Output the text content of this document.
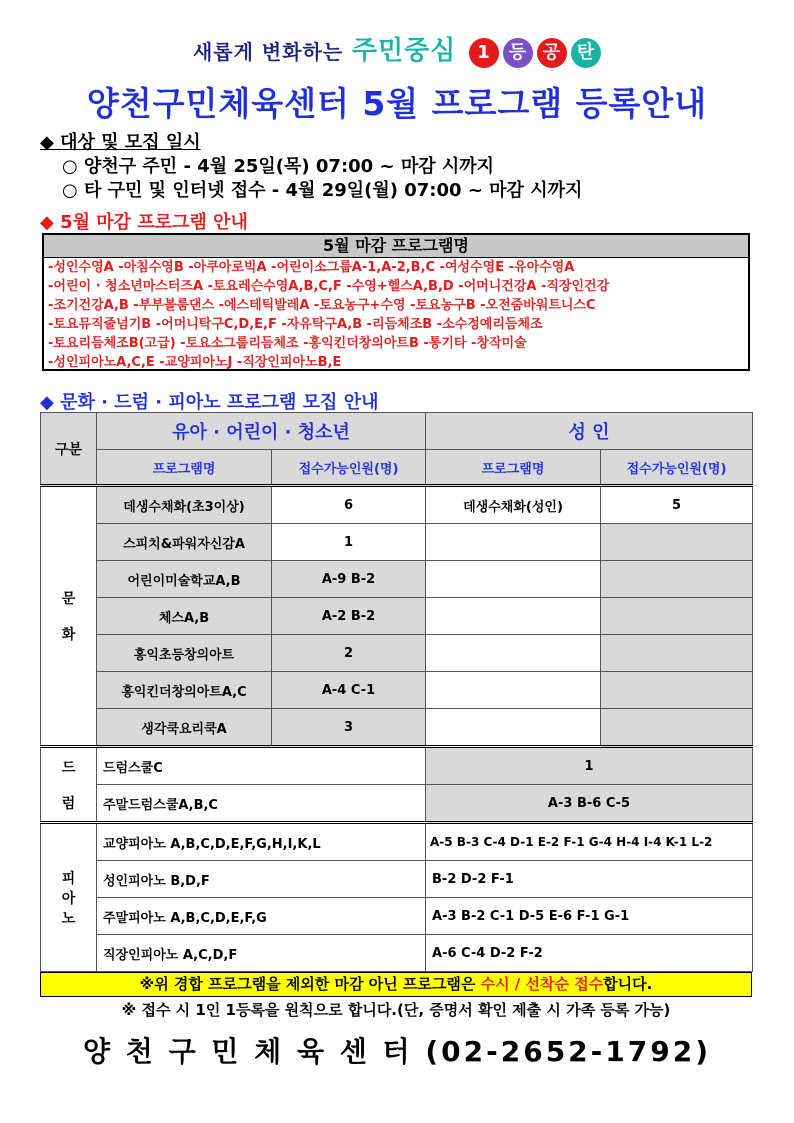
새롭게 변화하는 주민중심 1 등 공 탄
양천구민체육센터 5월 프로그램 등록안내
◆ 대상 및 모집 일시
○ 양천구 주민 - 4월 25일(목) 07:00 ~ 마감 시까지
○ 타 구민 및 인터넷 접수 - 4월 29일(월) 07:00 ~ 마감 시까지
◆ 5월 마감 프로그램 안내
5월 마감 프로그램명
-성인수영A -아침수영B -아쿠아로빅A -어린이소그룹A-1,A-2,B,C -여성수영E -유아수영A
-어린이 · 청소년마스터즈A -토요레슨수영A,B,C,F -수영+헬스A,B,D -어머니건강A -직장인건강
-조기건강A,B -부부볼룸댄스 -에스테틱발레A -토요농구+수영 -토요농구B -오전줌바워트니스C
-토요뮤직줄넘기B -어머니탁구C,D,E,F -자유탁구A,B -리듬체조B -소수정예리듬체조
-토요리듬체조B(고급) -토요소그룹리듬체조 -홍익킨더창의아트B -통기타 -창작미술
-성인피아노A,C,E -교양피아노J -직장인피아노B,E
◆ 문화 · 드럼 · 피아노 프로그램 모집 안내
구분	유아 · 어린이 · 청소년		성 인	
	프로그램명	접수가능인원(명)	프로그램명	접수가능인원(명)

문

화	데생수채화(초3이상)	6	데생수채화(성인)	5
	스피치&파워자신감A	1		
	어린이미술학교A,B	A-9 B-2		
	체스A,B	A-2 B-2		
	홍익초등창의아트	2		
	홍익킨더창의아트A,C	A-4 C-1		
	생각쿡요리쿡A	3		

드

럼	드럼스쿨C		1	
	주말드럼스쿨A,B,C		A-3 B-6 C-5	

피
아
노	교양피아노 A,B,C,D,E,F,G,H,I,K,L		A-5 B-3 C-4 D-1 E-2 F-1 G-4 H-4 I-4 K-1 L-2	
	성인피아노 B,D,F		B-2 D-2 F-1	
	주말피아노 A,B,C,D,E,F,G		A-3 B-2 C-1 D-5 E-6 F-1 G-1	
	직장인피아노 A,C,D,F		A-6 C-4 D-2 F-2	
※위 경합 프로그램을 제외한 마감 아닌 프로그램은 수시 / 선착순 접수합니다.
※ 접수 시 1인 1등록을 원칙으로 합니다.(단, 증명서 확인 제출 시 가족 등록 가능)
양 천 구 민 체 육 센 터 (02-2652-1792)
